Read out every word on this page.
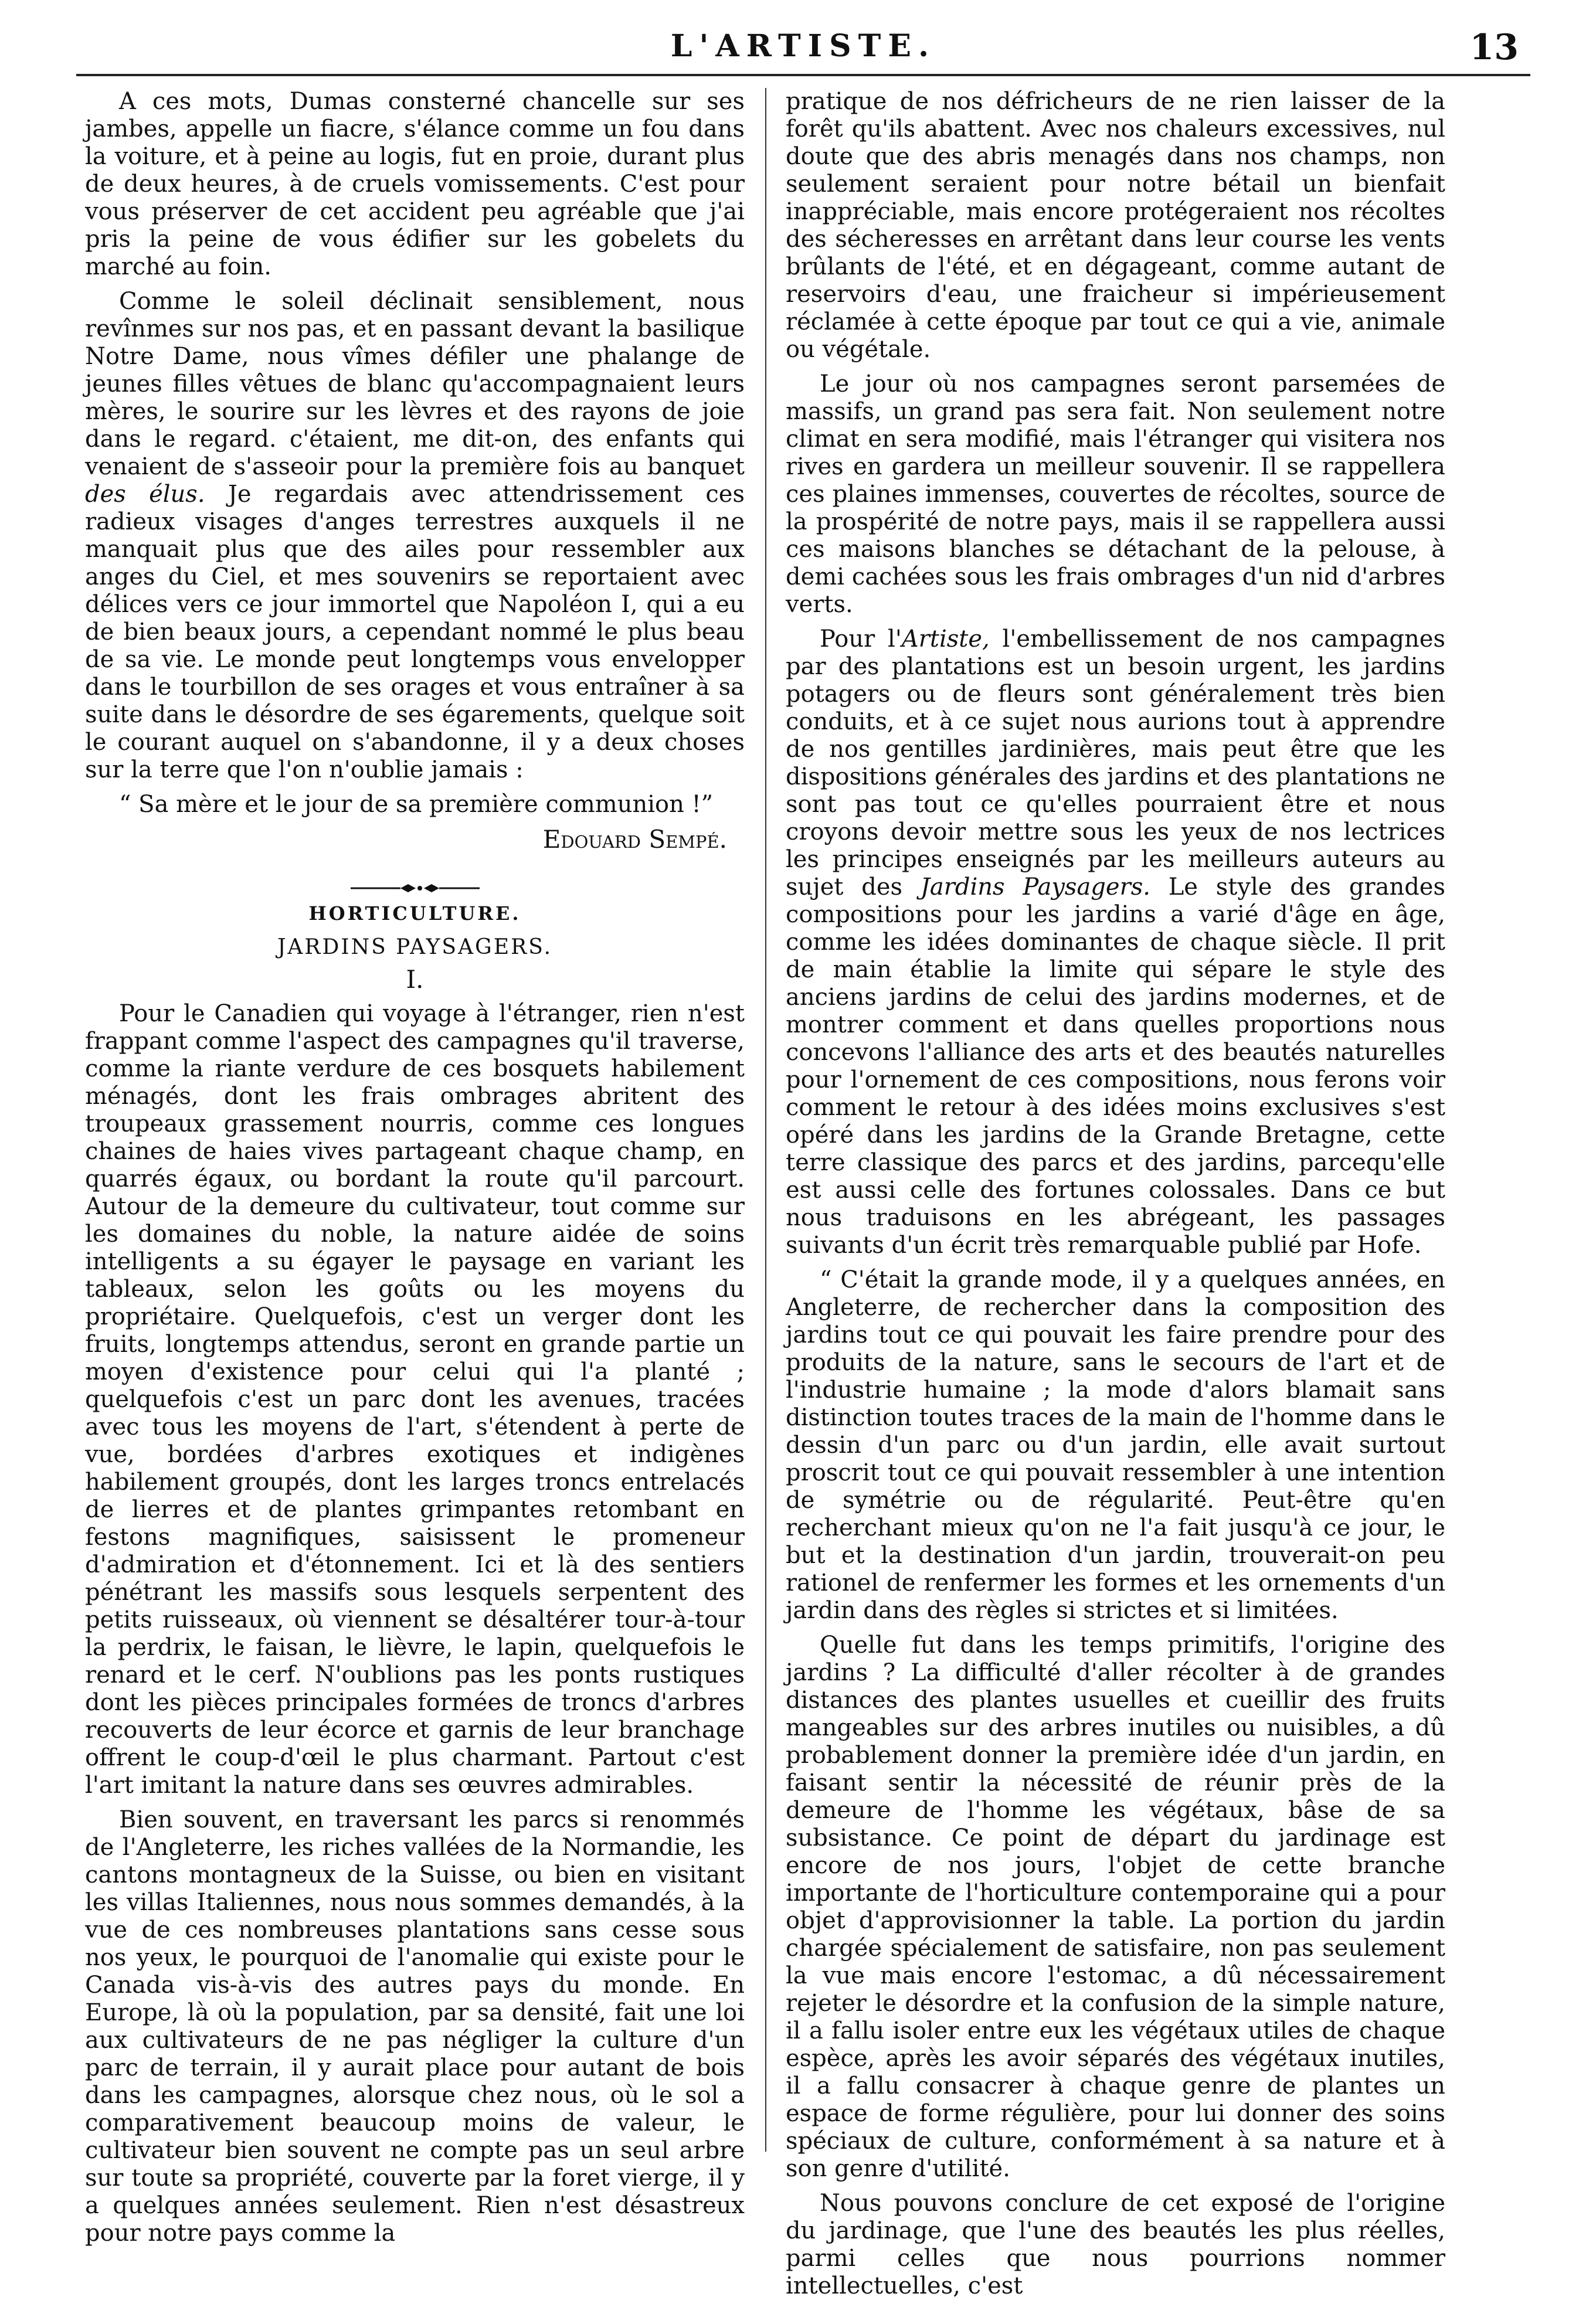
L'ARTISTE.	13

A ces mots, Dumas consterné chancelle sur ses jambes, appelle un fiacre, s'élance comme un fou dans la voiture, et à peine au logis, fut en proie, durant plus de deux heures, à de cruels vomissements. C'est pour vous préserver de cet accident peu agréable que j'ai pris la peine de vous édifier sur les gobelets du marché au foin.

Comme le soleil déclinait sensiblement, nous revînmes sur nos pas, et en passant devant la basilique Notre Dame, nous vîmes défiler une phalange de jeunes filles vêtues de blanc qu'accompagnaient leurs mères, le sourire sur les lèvres et des rayons de joie dans le regard. c'étaient, me dit-on, des enfants qui venaient de s'asseoir pour la première fois au banquet des élus. Je regardais avec attendrissement ces radieux visages d'anges terrestres auxquels il ne manquait plus que des ailes pour ressembler aux anges du Ciel, et mes souvenirs se reportaient avec délices vers ce jour immortel que Napoléon I, qui a eu de bien beaux jours, a cependant nommé le plus beau de sa vie. Le monde peut longtemps vous envelopper dans le tourbillon de ses orages et vous entraîner à sa suite dans le désordre de ses égarements, quelque soit le courant auquel on s'abandonne, il y a deux choses sur la terre que l'on n'oublie jamais :

“ Sa mère et le jour de sa première communion !”

Edouard Sempé.
HORTICULTURE.
JARDINS PAYSAGERS.
I.

Pour le Canadien qui voyage à l'étranger, rien n'est frappant comme l'aspect des campagnes qu'il traverse, comme la riante verdure de ces bosquets habilement ménagés, dont les frais ombrages abritent des troupeaux grassement nourris, comme ces longues chaines de haies vives partageant chaque champ, en quarrés égaux, ou bordant la route qu'il parcourt. Autour de la demeure du cultivateur, tout comme sur les domaines du noble, la nature aidée de soins intelligents a su égayer le paysage en variant les tableaux, selon les goûts ou les moyens du propriétaire. Quelquefois, c'est un verger dont les fruits, longtemps attendus, seront en grande partie un moyen d'existence pour celui qui l'a planté ; quelquefois c'est un parc dont les avenues, tracées avec tous les moyens de l'art, s'étendent à perte de vue, bordées d'arbres exotiques et indigènes habilement groupés, dont les larges troncs entrelacés de lierres et de plantes grimpantes retombant en festons magnifiques, saisissent le promeneur d'admiration et d'étonnement. Ici et là des sentiers pénétrant les massifs sous lesquels serpentent des petits ruisseaux, où viennent se désaltérer tour-à-tour la perdrix, le faisan, le lièvre, le lapin, quelquefois le renard et le cerf. N'oublions pas les ponts rustiques dont les pièces principales formées de troncs d'arbres recouverts de leur écorce et garnis de leur branchage offrent le coup-d'œil le plus charmant. Partout c'est l'art imitant la nature dans ses œuvres admirables.

Bien souvent, en traversant les parcs si renommés de l'Angleterre, les riches vallées de la Normandie, les cantons montagneux de la Suisse, ou bien en visitant les villas Italiennes, nous nous sommes demandés, à la vue de ces nombreuses plantations sans cesse sous nos yeux, le pourquoi de l'anomalie qui existe pour le Canada vis-à-vis des autres pays du monde. En Europe, là où la population, par sa densité, fait une loi aux cultivateurs de ne pas négliger la culture d'un parc de terrain, il y aurait place pour autant de bois dans les campagnes, alorsque chez nous, où le sol a comparativement beaucoup moins de valeur, le cultivateur bien souvent ne compte pas un seul arbre sur toute sa propriété, couverte par la foret vierge, il y a quelques années seulement. Rien n'est désastreux pour notre pays comme la

pratique de nos défricheurs de ne rien laisser de la forêt qu'ils abattent. Avec nos chaleurs excessives, nul doute que des abris menagés dans nos champs, non seulement seraient pour notre bétail un bienfait inappréciable, mais encore protégeraient nos récoltes des sécheresses en arrêtant dans leur course les vents brûlants de l'été, et en dégageant, comme autant de reservoirs d'eau, une fraicheur si impérieusement réclamée à cette époque par tout ce qui a vie, animale ou végétale.

Le jour où nos campagnes seront parsemées de massifs, un grand pas sera fait. Non seulement notre climat en sera modifié, mais l'étranger qui visitera nos rives en gardera un meilleur souvenir. Il se rappellera ces plaines immenses, couvertes de récoltes, source de la prospérité de notre pays, mais il se rappellera aussi ces maisons blanches se détachant de la pelouse, à demi cachées sous les frais ombrages d'un nid d'arbres verts.

Pour l'Artiste, l'embellissement de nos campagnes par des plantations est un besoin urgent, les jardins potagers ou de fleurs sont généralement très bien conduits, et à ce sujet nous aurions tout à apprendre de nos gentilles jardinières, mais peut être que les dispositions générales des jardins et des plantations ne sont pas tout ce qu'elles pourraient être et nous croyons devoir mettre sous les yeux de nos lectrices les principes enseignés par les meilleurs auteurs au sujet des Jardins Paysagers. Le style des grandes compositions pour les jardins a varié d'âge en âge, comme les idées dominantes de chaque siècle. Il prit de main établie la limite qui sépare le style des anciens jardins de celui des jardins modernes, et de montrer comment et dans quelles proportions nous concevons l'alliance des arts et des beautés naturelles pour l'ornement de ces compositions, nous ferons voir comment le retour à des idées moins exclusives s'est opéré dans les jardins de la Grande Bretagne, cette terre classique des parcs et des jardins, parcequ'elle est aussi celle des fortunes colossales. Dans ce but nous traduisons en les abrégeant, les passages suivants d'un écrit très remarquable publié par Hofe.

“ C'était la grande mode, il y a quelques années, en Angleterre, de rechercher dans la composition des jardins tout ce qui pouvait les faire prendre pour des produits de la nature, sans le secours de l'art et de l'industrie humaine ; la mode d'alors blamait sans distinction toutes traces de la main de l'homme dans le dessin d'un parc ou d'un jardin, elle avait surtout proscrit tout ce qui pouvait ressembler à une intention de symétrie ou de régularité. Peut-être qu'en recherchant mieux qu'on ne l'a fait jusqu'à ce jour, le but et la destination d'un jardin, trouverait-on peu rationel de renfermer les formes et les ornements d'un jardin dans des règles si strictes et si limitées.

Quelle fut dans les temps primitifs, l'origine des jardins ? La difficulté d'aller récolter à de grandes distances des plantes usuelles et cueillir des fruits mangeables sur des arbres inutiles ou nuisibles, a dû probablement donner la première idée d'un jardin, en faisant sentir la nécessité de réunir près de la demeure de l'homme les végétaux, bâse de sa subsistance. Ce point de départ du jardinage est encore de nos jours, l'objet de cette branche importante de l'horticulture contemporaine qui a pour objet d'approvisionner la table. La portion du jardin chargée spécialement de satisfaire, non pas seulement la vue mais encore l'estomac, a dû nécessairement rejeter le désordre et la confusion de la simple nature, il a fallu isoler entre eux les végétaux utiles de chaque espèce, après les avoir séparés des végétaux inutiles, il a fallu consacrer à chaque genre de plantes un espace de forme régulière, pour lui donner des soins spéciaux de culture, conformément à sa nature et à son genre d'utilité.

Nous pouvons conclure de cet exposé de l'origine du jardinage, que l'une des beautés les plus réelles, parmi celles que nous pourrions nommer intellectuelles, c'est
